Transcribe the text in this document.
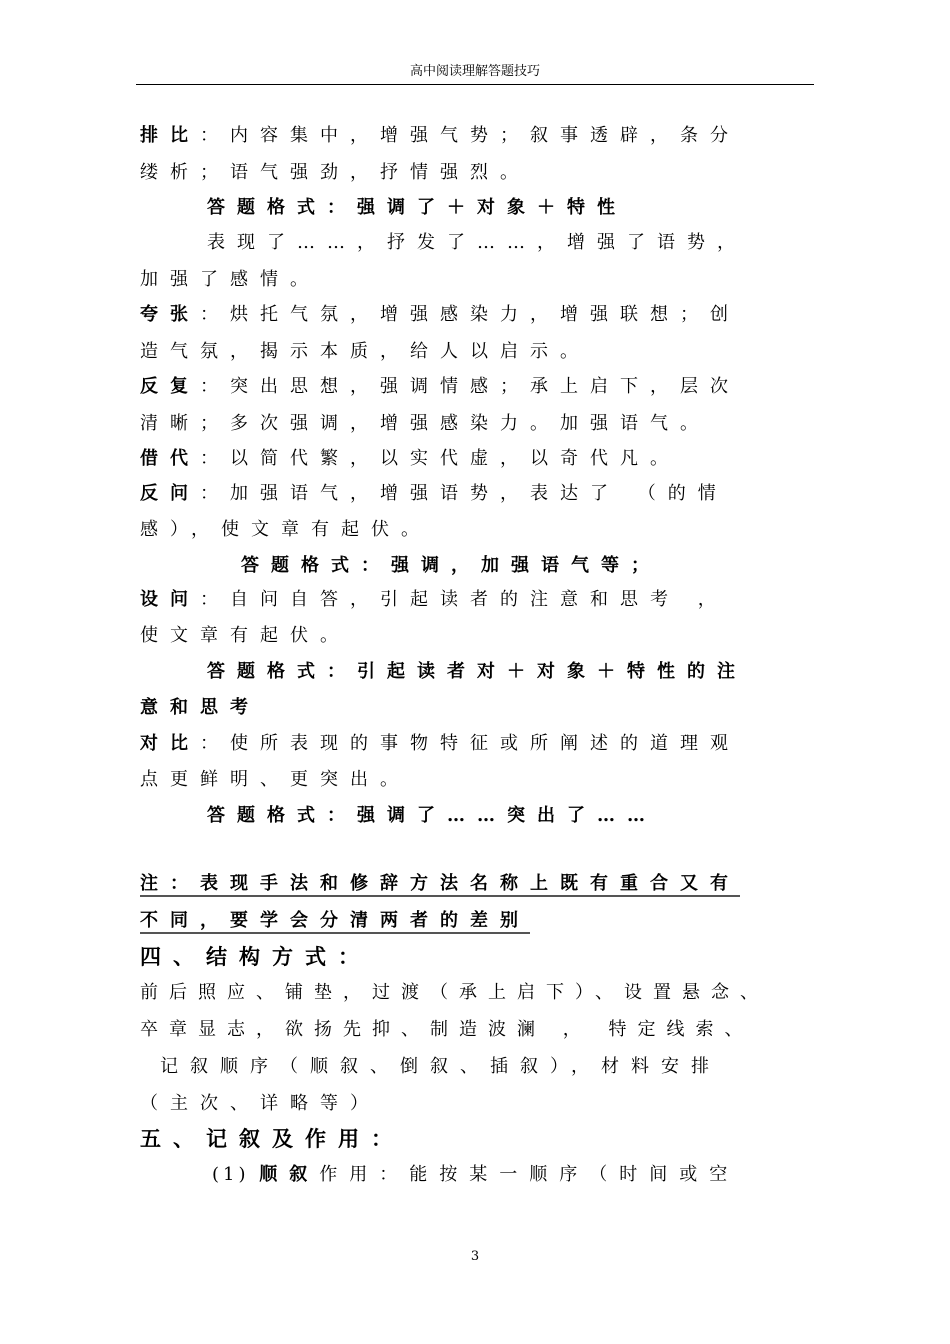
高中阅读理解答题技巧
排比：内容集中，增强气势；叙事透辟，条分
缕析；语气强劲，抒情强烈。
答题格式：强调了＋对象＋特性
表现了……，抒发了……，增强了语势，
加强了感情。
夸张：烘托气氛，增强感染力，增强联想；创
造气氛，揭示本质，给人以启示。
反复：突出思想，强调情感；承上启下，层次
清晰；多次强调，增强感染力。加强语气。
借代：以简代繁，以实代虚，以奇代凡。
反问：加强语气，增强语势，表达了 （的情
感），使文章有起伏。
答题格式：强调，加强语气等；
设问：自问自答，引起读者的注意和思考 ，
使文章有起伏。
答题格式：引起读者对＋对象＋特性的注
意和思考
对比：使所表现的事物特征或所阐述的道理观
点更鲜明、更突出。
答题格式：强调了……突出了……
注：表现手法和修辞方法名称上既有重合又有
不同，要学会分清两者的差别
四、结构方式：
前后照应、铺垫，过渡（承上启下）、设置悬念、
卒章显志，欲扬先抑、制造波澜 ， 特定线索、
记叙顺序（顺叙、倒叙、插叙），材料安排
（主次、详略等）
五、记叙及作用：
(1) 顺叙作用：能按某一顺序（时间或空
3
